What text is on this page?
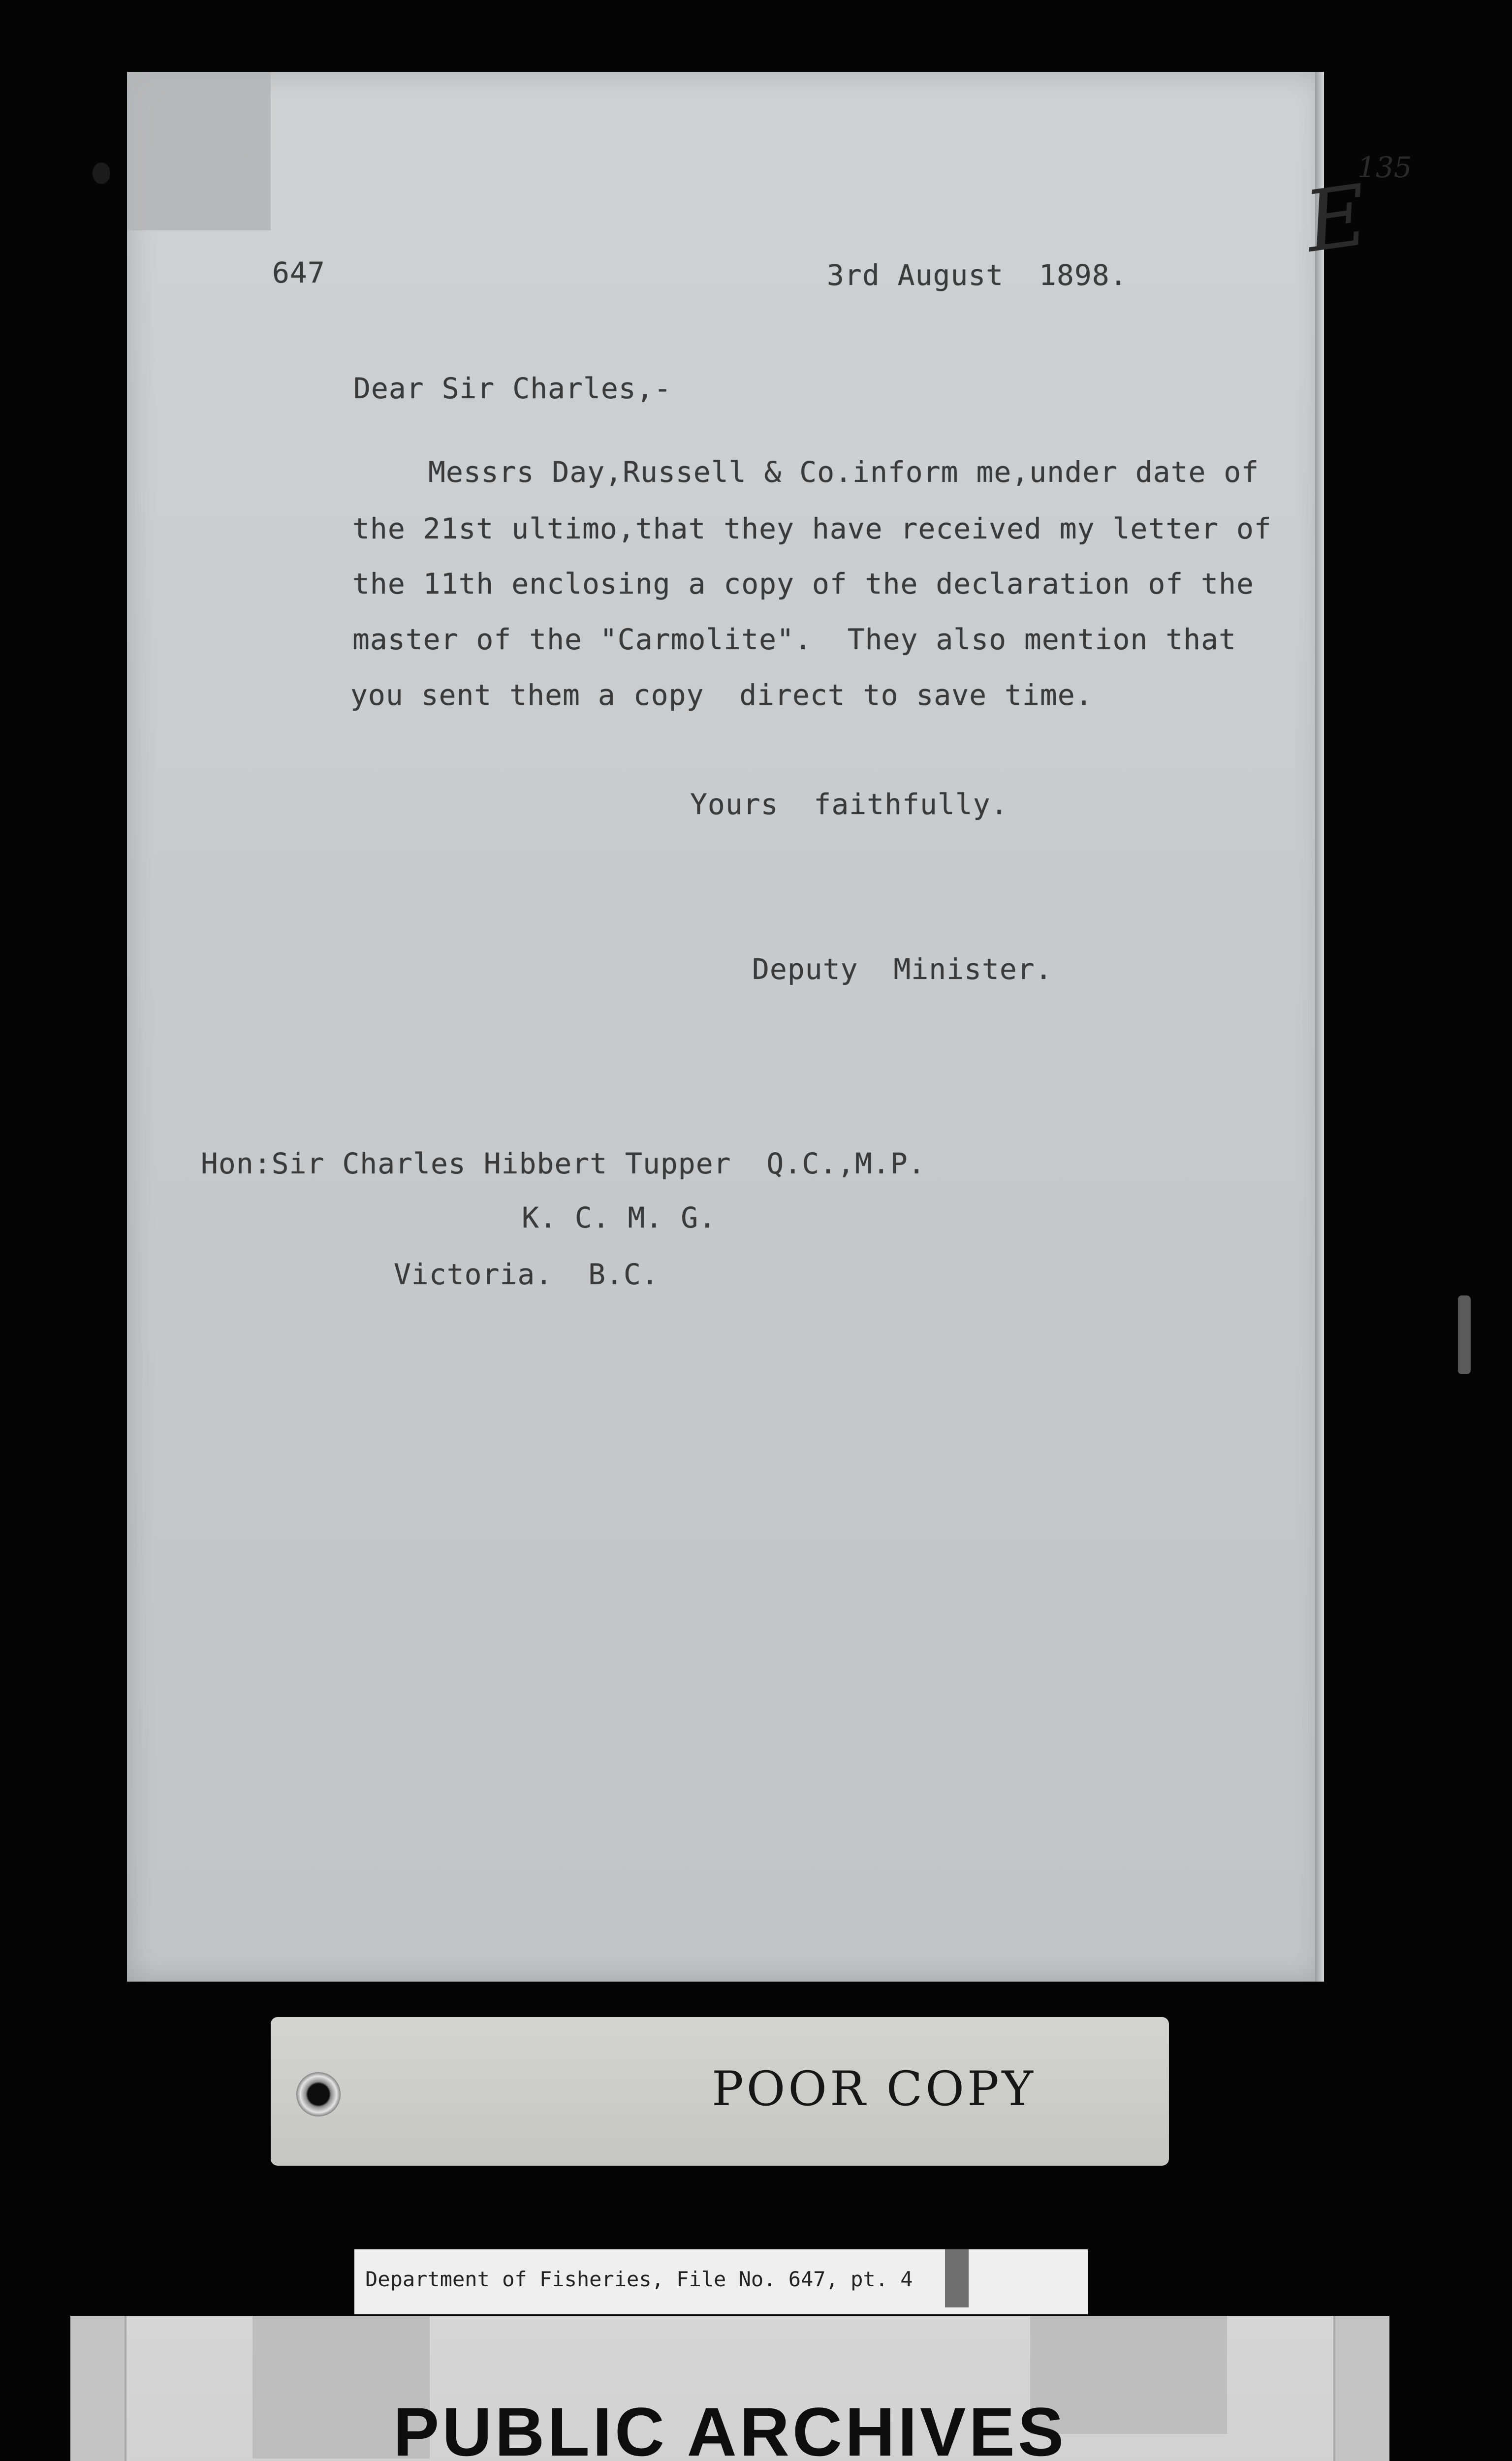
135
E
647	3rd August  1898.
Dear Sir Charles,-
Messrs Day,Russell & Co.inform me,under date of
the 21st ultimo,that they have received my letter of
the 11th enclosing a copy of the declaration of the
master of the "Carmolite".  They also mention that
you sent them a copy  direct to save time.
Yours  faithfully.
Deputy  Minister.
Hon:Sir Charles Hibbert Tupper  Q.C.,M.P.
K. C. M. G.
Victoria.  B.C.
POOR COPY
Department of Fisheries, File No. 647, pt. 4
PUBLIC ARCHIVES
